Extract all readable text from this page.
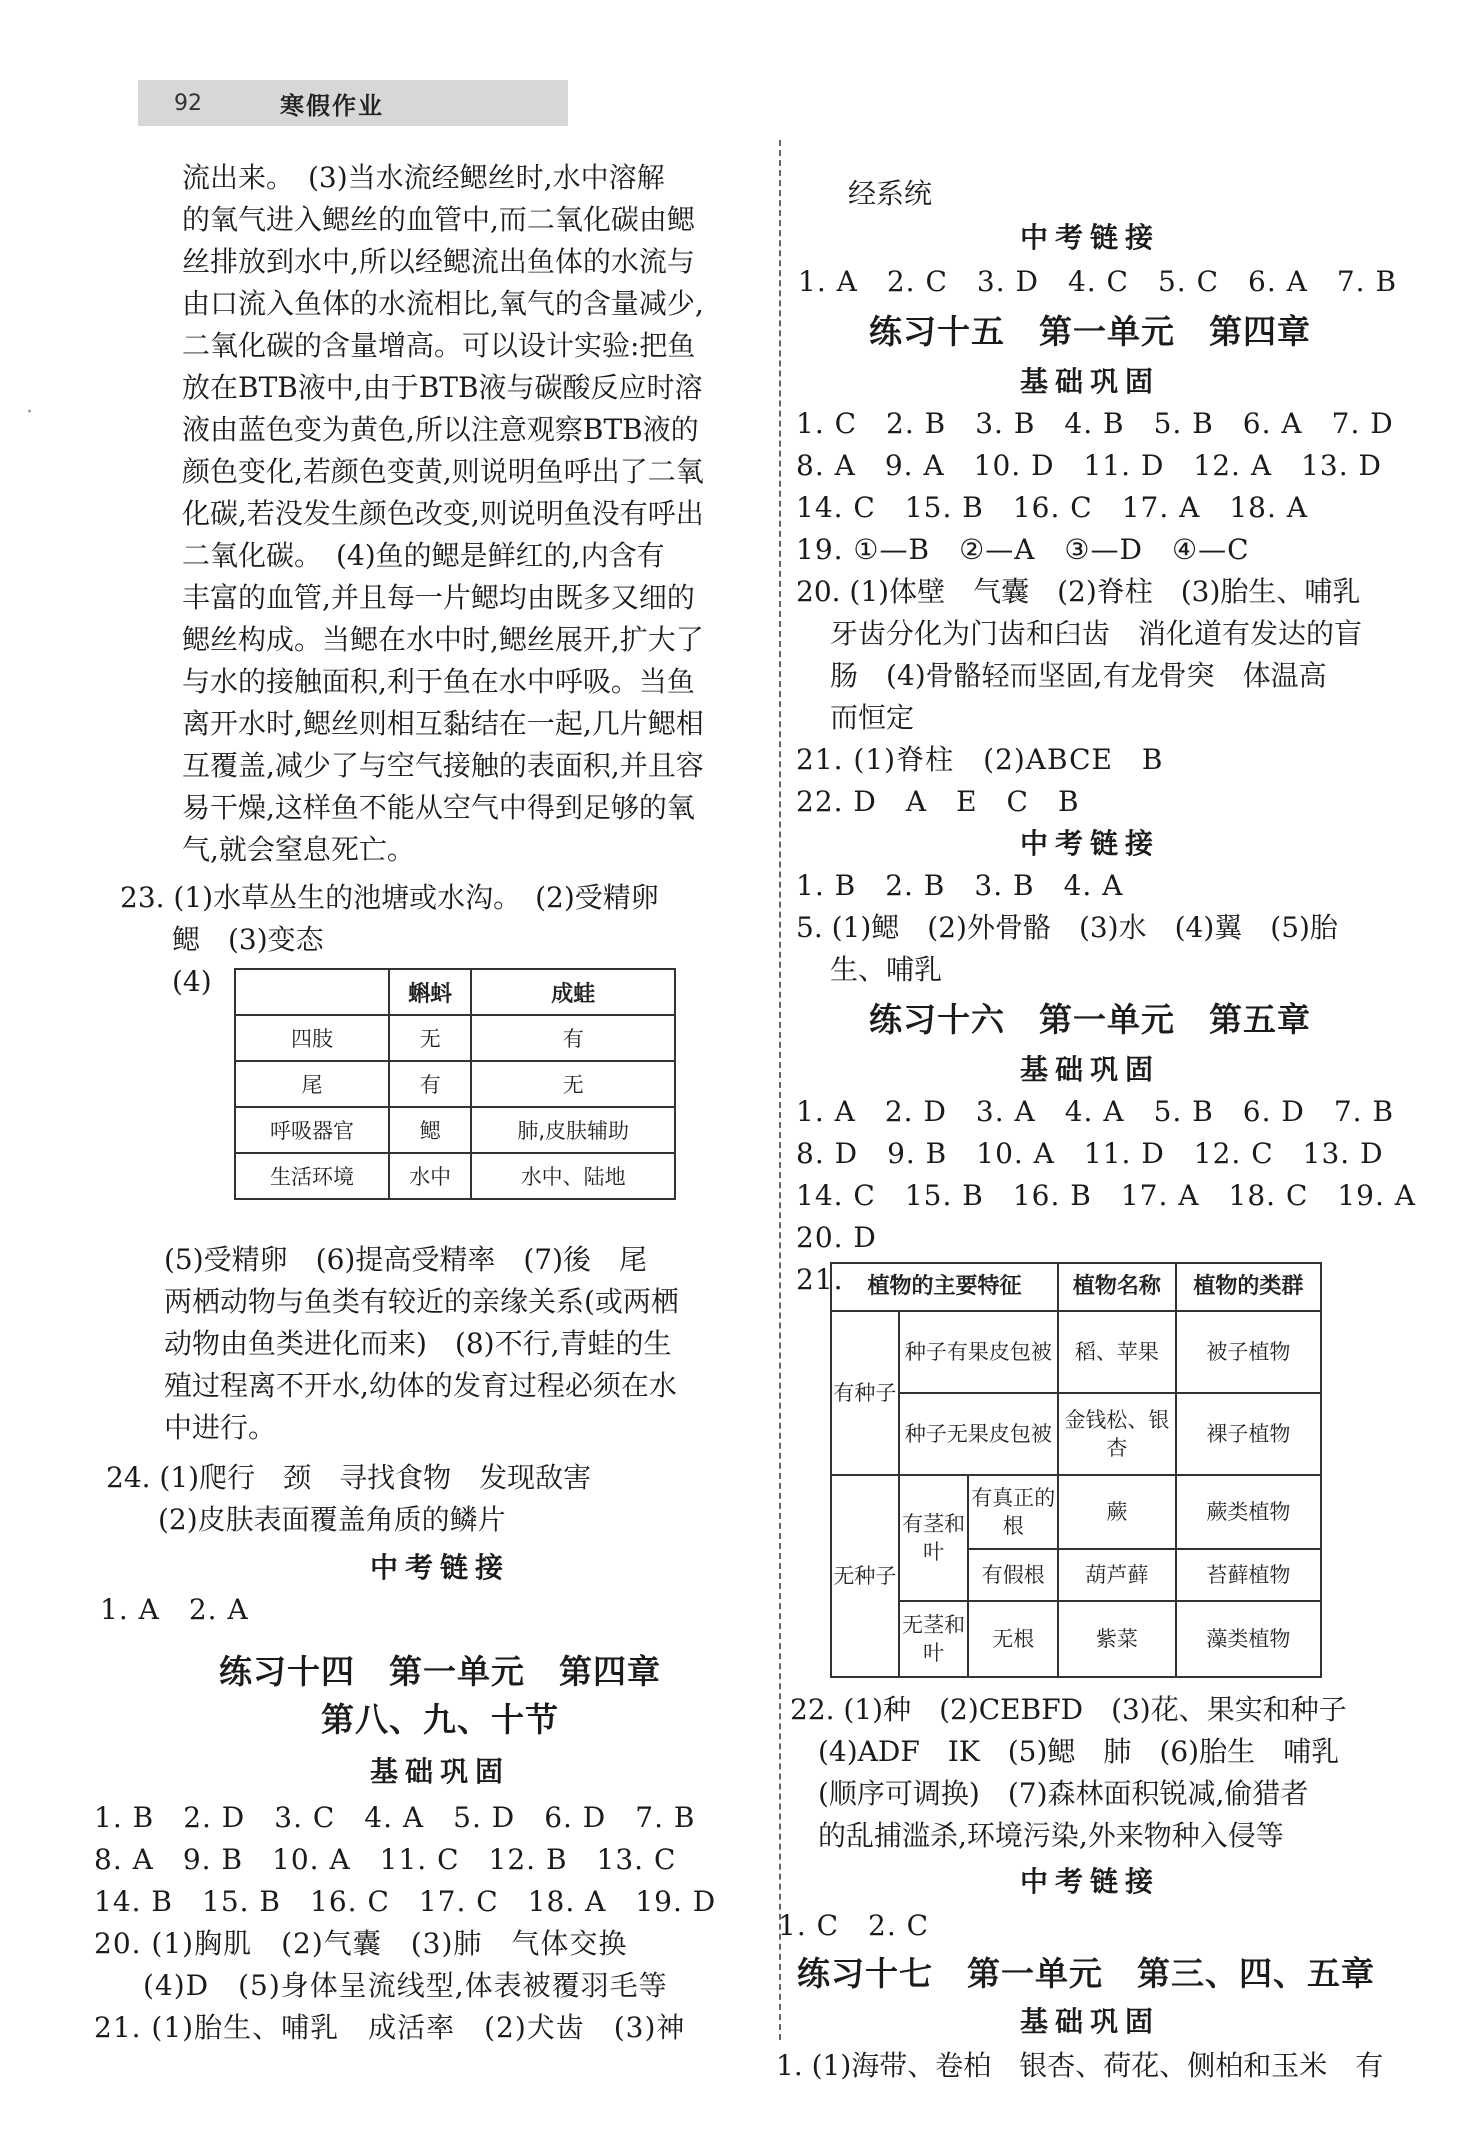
92	寒假作业
流出来。　(3)当水流经鳃丝时,水中溶解
的氧气进入鳃丝的血管中,而二氧化碳由鳃
丝排放到水中,所以经鳃流出鱼体的水流与
由口流入鱼体的水流相比,氧气的含量减少,
二氧化碳的含量增高。可以设计实验:把鱼
放在BTB液中,由于BTB液与碳酸反应时溶
液由蓝色变为黄色,所以注意观察BTB液的
颜色变化,若颜色变黄,则说明鱼呼出了二氧
化碳,若没发生颜色改变,则说明鱼没有呼出
二氧化碳。　(4)鱼的鳃是鲜红的,内含有
丰富的血管,并且每一片鳃均由既多又细的
鳃丝构成。当鳃在水中时,鳃丝展开,扩大了
与水的接触面积,利于鱼在水中呼吸。当鱼
离开水时,鳃丝则相互黏结在一起,几片鳃相
互覆盖,减少了与空气接触的表面积,并且容
易干燥,这样鱼不能从空气中得到足够的氧
气,就会窒息死亡。
23. (1)水草丛生的池塘或水沟。　(2)受精卵
　鳃　(3)变态
　(4)
		蝌蚪	成蛙
四肢	无	有
尾	有	无
呼吸器官	鳃	肺,皮肤辅助
生活环境	水中	水中、陆地
(5)受精卵　(6)提高受精率　(7)後　尾
两栖动物与鱼类有较近的亲缘关系(或两栖
动物由鱼类进化而来)　(8)不行,青蛙的生
殖过程离不开水,幼体的发育过程必须在水
中进行。
24. (1)爬行　颈　寻找食物　发现敌害
　(2)皮肤表面覆盖角质的鳞片
中考链接
1. A　2. A
练习十四　第一单元　第四章
第八、九、十节
基础巩固
1. B　2. D　3. C　4. A　5. D　6. D　7. B
8. A　9. B　10. A　11. C　12. B　13. C
14. B　15. B　16. C　17. C　18. A　19. D
20. (1)胸肌　(2)气囊　(3)肺　气体交换
　(4)D　(5)身体呈流线型,体表被覆羽毛等
21. (1)胎生、哺乳　成活率　(2)犬齿　(3)神
经系统
中考链接
1. A　2. C　3. D　4. C　5. C　6. A　7. B
练习十五　第一单元　第四章
基础巩固
1. C　2. B　3. B　4. B　5. B　6. A　7. D
8. A　9. A　10. D　11. D　12. A　13. D
14. C　15. B　16. C　17. A　18. A
19. ①—B　②—A　③—D　④—C
20. (1)体壁　气囊　(2)脊柱　(3)胎生、哺乳
牙齿分化为门齿和臼齿　消化道有发达的盲
肠　(4)骨骼轻而坚固,有龙骨突　体温高
而恒定
21. (1)脊柱　(2)ABCE　B
22. D　A　E　C　B
中考链接
1. B　2. B　3. B　4. A
5. (1)鳃　(2)外骨骼　(3)水　(4)翼　(5)胎
生、哺乳
练习十六　第一单元　第五章
基础巩固
1. A　2. D　3. A　4. A　5. B　6. D　7. B
8. D　9. B　10. A　11. D　12. C　13. D
14. C　15. B　16. B　17. A　18. C　19. A
20. D
21. 植物的主要特征			植物名称	植物的类群
有种子	种子有果皮包被		稻、苹果	被子植物
	种子无果皮包被		金钱松、银杏	裸子植物
无种子	有茎和叶	有真正的根	蕨	蕨类植物
		有假根	葫芦藓	苔藓植物
	无茎和叶	无根	紫菜	藻类植物
22. (1)种　(2)CEBFD　(3)花、果实和种子
　(4)ADF　IK　(5)鳃　肺　(6)胎生　哺乳
　(顺序可调换)　(7)森林面积锐减,偷猎者
　的乱捕滥杀,环境污染,外来物种入侵等
中考链接
1. C　2. C
练习十七　第一单元　第三、四、五章
基础巩固
1. (1)海带、卷柏　银杏、荷花、侧柏和玉米　有
·
